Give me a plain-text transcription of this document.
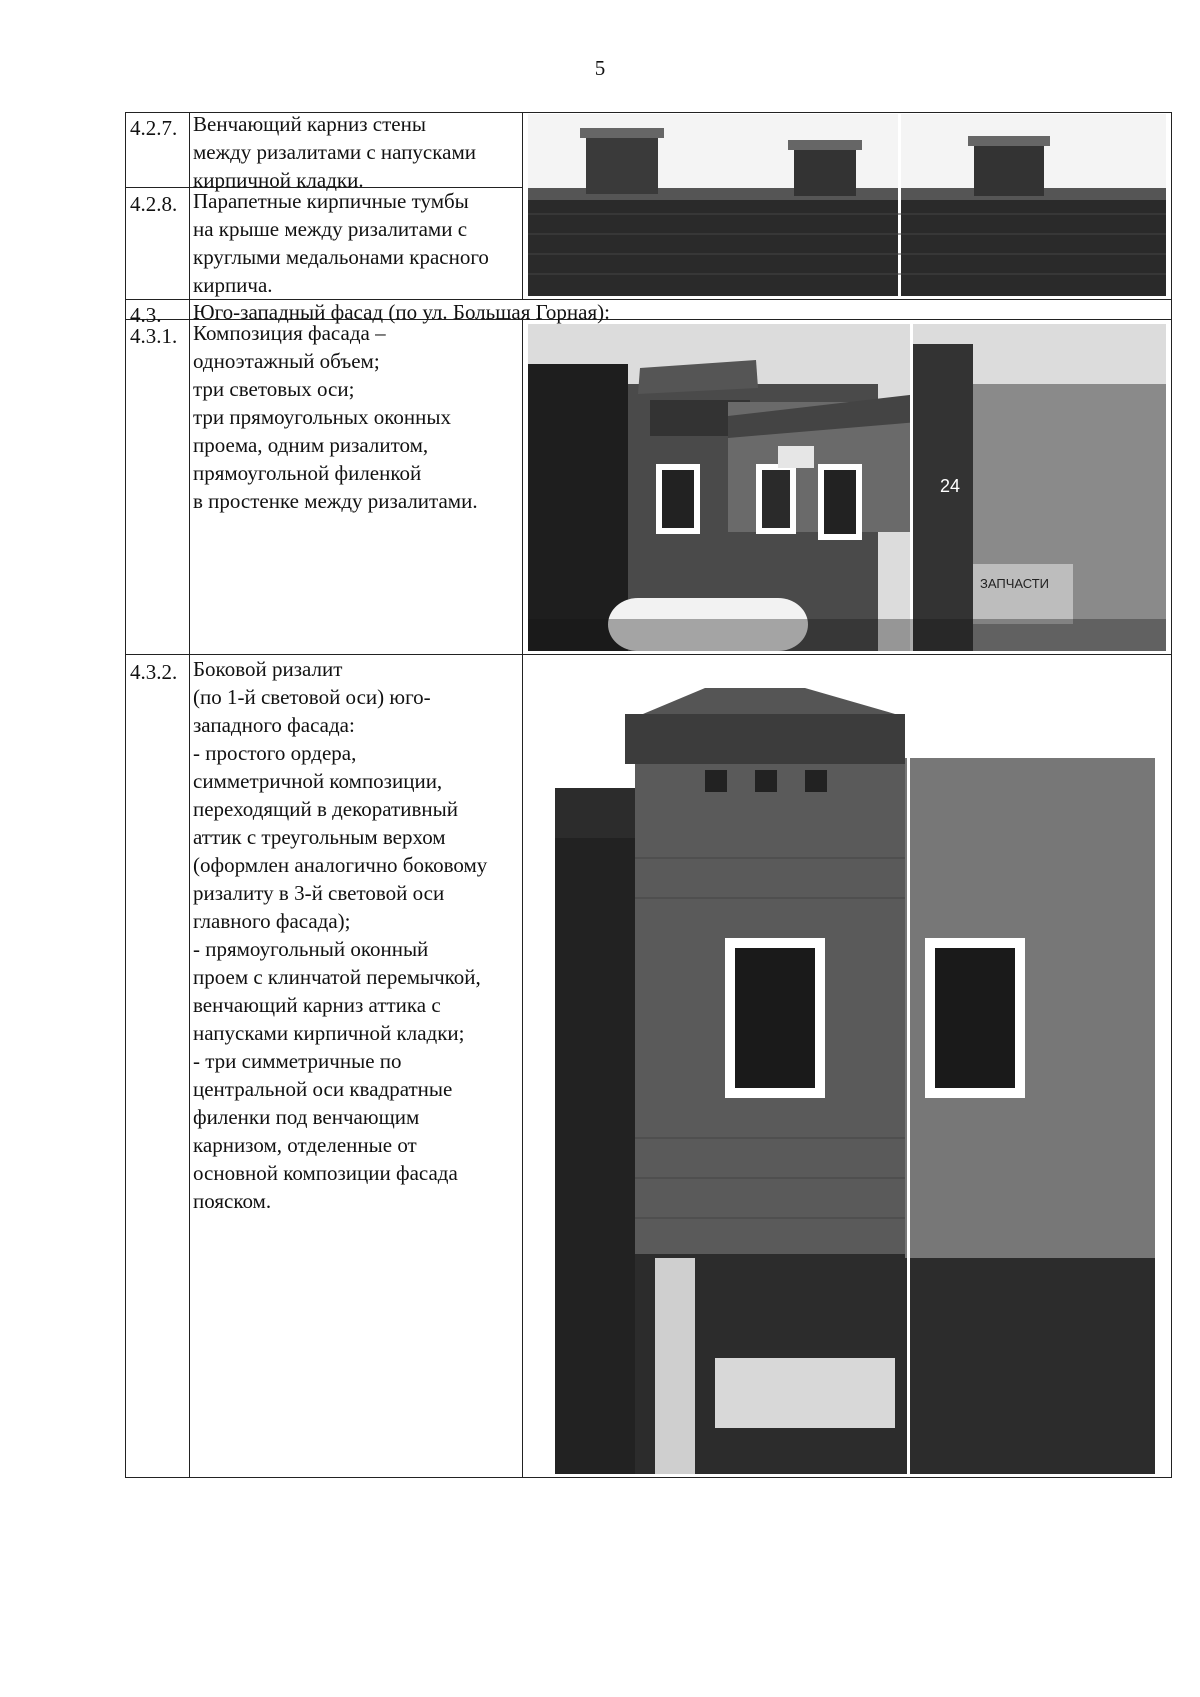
5
4.2.7. Венчающий карниз стены
между ризалитами с напусками
кирпичной кладки.
4.2.8. Парапетные кирпичные тумбы
на крыше между ризалитами с
круглыми медальонами красного
кирпича.
4.3. Юго-западный фасад (по ул. Большая Горная):
4.3.1. Композиция фасада –
одноэтажный объем;
три световых оси;
три прямоугольных оконных
проема, одним ризалитом,
прямоугольной филенкой
в простенке между ризалитами.
4.3.2. Боковой ризалит
(по 1-й световой оси) юго-
западного фасада:
- простого ордера,
симметричной композиции,
переходящий в декоративный
аттик с треугольным верхом
(оформлен аналогично боковому
ризалиту в 3-й световой оси
главного фасада);
- прямоугольный оконный
проем с клинчатой перемычкой,
венчающий карниз аттика с
напусками кирпичной кладки;
- три симметричные по
центральной оси квадратные
филенки под венчающим
карнизом, отделенные от
основной композиции фасада
пояском.
24
ЗАПЧАСТИ
